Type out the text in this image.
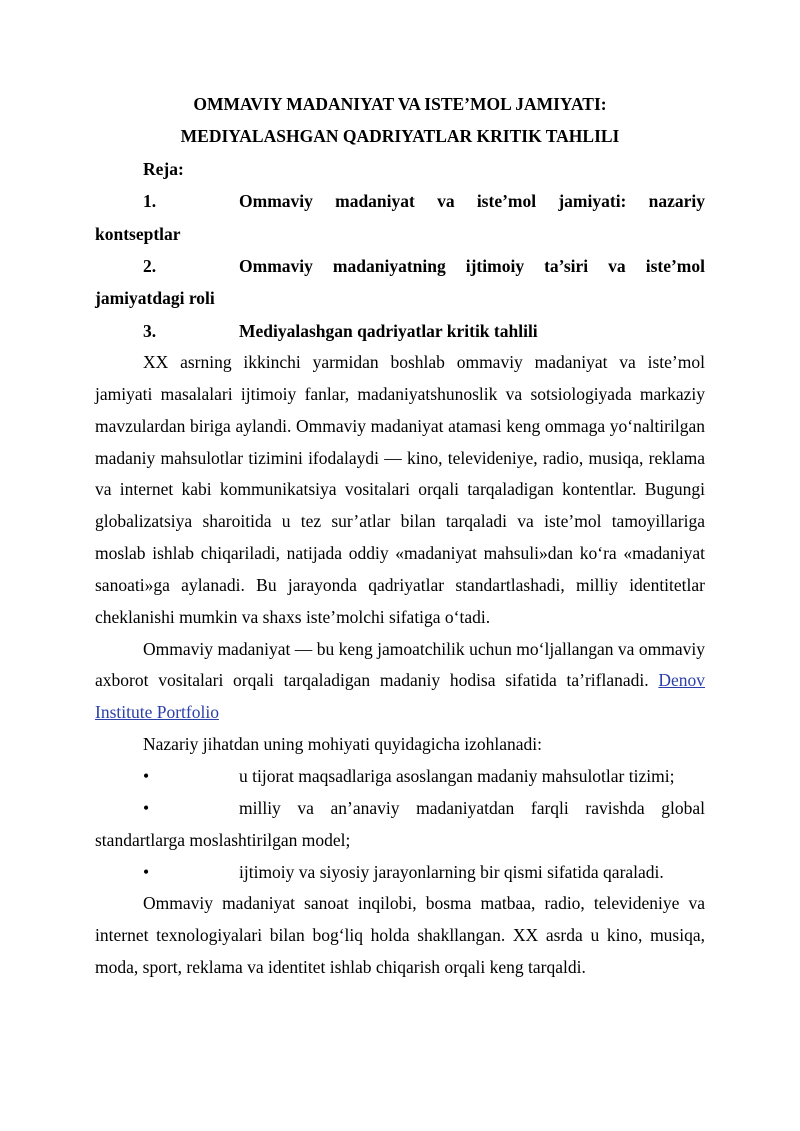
OMMAVIY MADANIYAT VA ISTE’MOL JAMIYATI:
MEDIYALASHGAN QADRIYATLAR KRITIK TAHLILI
Reja:
1.	Ommaviy madaniyat va iste’mol jamiyati: nazariy kontseptlar
2.	Ommaviy madaniyatning ijtimoiy ta’siri va iste’mol jamiyatdagi roli
3.	Mediyalashgan qadriyatlar kritik tahlili

XX asrning ikkinchi yarmidan boshlab ommaviy madaniyat va iste’mol jamiyati masalalari ijtimoiy fanlar, madaniyatshunoslik va sotsiologiyada markaziy mavzulardan biriga aylandi. Ommaviy madaniyat atamasi keng ommaga yo‘naltirilgan madaniy mahsulotlar tizimini ifodalaydi — kino, televideniye, radio, musiqa, reklama va internet kabi kommunikatsiya vositalari orqali tarqaladigan kontentlar. Bugungi globalizatsiya sharoitida u tez sur’atlar bilan tarqaladi va iste’mol tamoyillariga moslab ishlab chiqariladi, natijada oddiy «madaniyat mahsuli»dan ko‘ra «madaniyat sanoati»ga aylanadi. Bu jarayonda qadriyatlar standartlashadi, milliy identitetlar cheklanishi mumkin va shaxs iste’molchi sifatiga o‘tadi.

Ommaviy madaniyat — bu keng jamoatchilik uchun mo‘ljallangan va ommaviy axborot vositalari orqali tarqaladigan madaniy hodisa sifatida ta’riflanadi. Denov Institute Portfolio

Nazariy jihatdan uning mohiyati quyidagicha izohlanadi:

•	u tijorat maqsadlariga asoslangan madaniy mahsulotlar tizimi;

•	milliy va an’anaviy madaniyatdan farqli ravishda global standartlarga moslashtirilgan model;

•	ijtimoiy va siyosiy jarayonlarning bir qismi sifatida qaraladi.

Ommaviy madaniyat sanoat inqilobi, bosma matbaa, radio, televideniye va internet texnologiyalari bilan bog‘liq holda shakllangan. XX asrda u kino, musiqa, moda, sport, reklama va identitet ishlab chiqarish orqali keng tarqaldi.
